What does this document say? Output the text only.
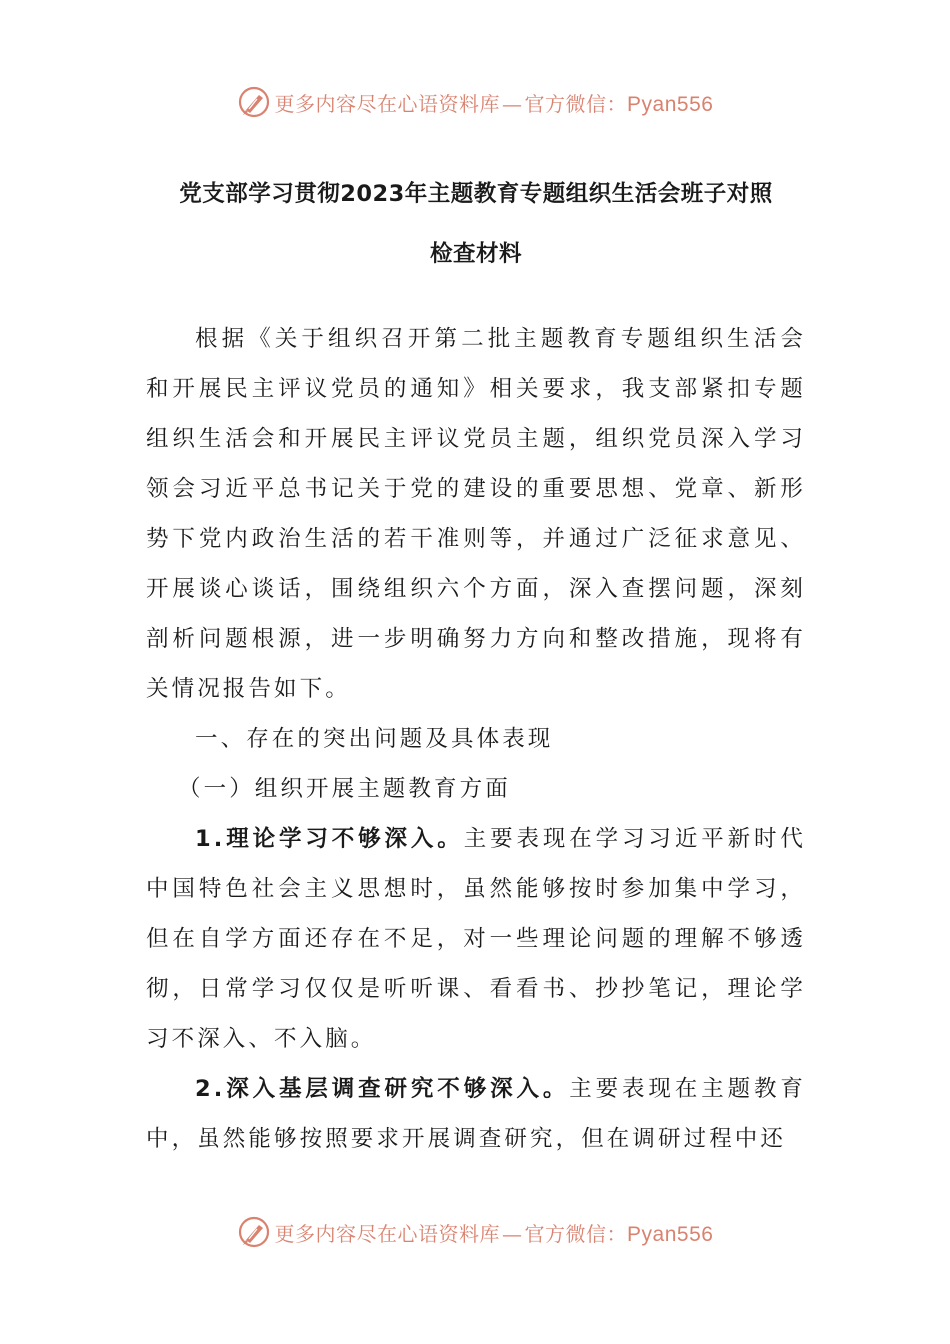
更多内容尽在心语资料库 — 官方微信：Pyan556
党支部学习贯彻2023年主题教育专题组织生活会班子对照
检查材料

根据《关于组织召开第二批主题教育专题组织生活会和开展民主评议党员的通知》相关要求，我支部紧扣专题组织生活会和开展民主评议党员主题，组织党员深入学习领会习近平总书记关于党的建设的重要思想、党章、新形势下党内政治生活的若干准则等，并通过广泛征求意见、开展谈心谈话，围绕组织六个方面，深入查摆问题，深刻剖析问题根源，进一步明确努力方向和整改措施，现将有关情况报告如下。

一、存在的突出问题及具体表现

（一）组织开展主题教育方面

1.理论学习不够深入。主要表现在学习习近平新时代中国特色社会主义思想时，虽然能够按时参加集中学习，但在自学方面还存在不足，对一些理论问题的理解不够透彻，日常学习仅仅是听听课、看看书、抄抄笔记，理论学习不深入、不入脑。

2.深入基层调查研究不够深入。主要表现在主题教育中，虽然能够按照要求开展调查研究，但在调研过程中还

更多内容尽在心语资料库 — 官方微信：Pyan556
